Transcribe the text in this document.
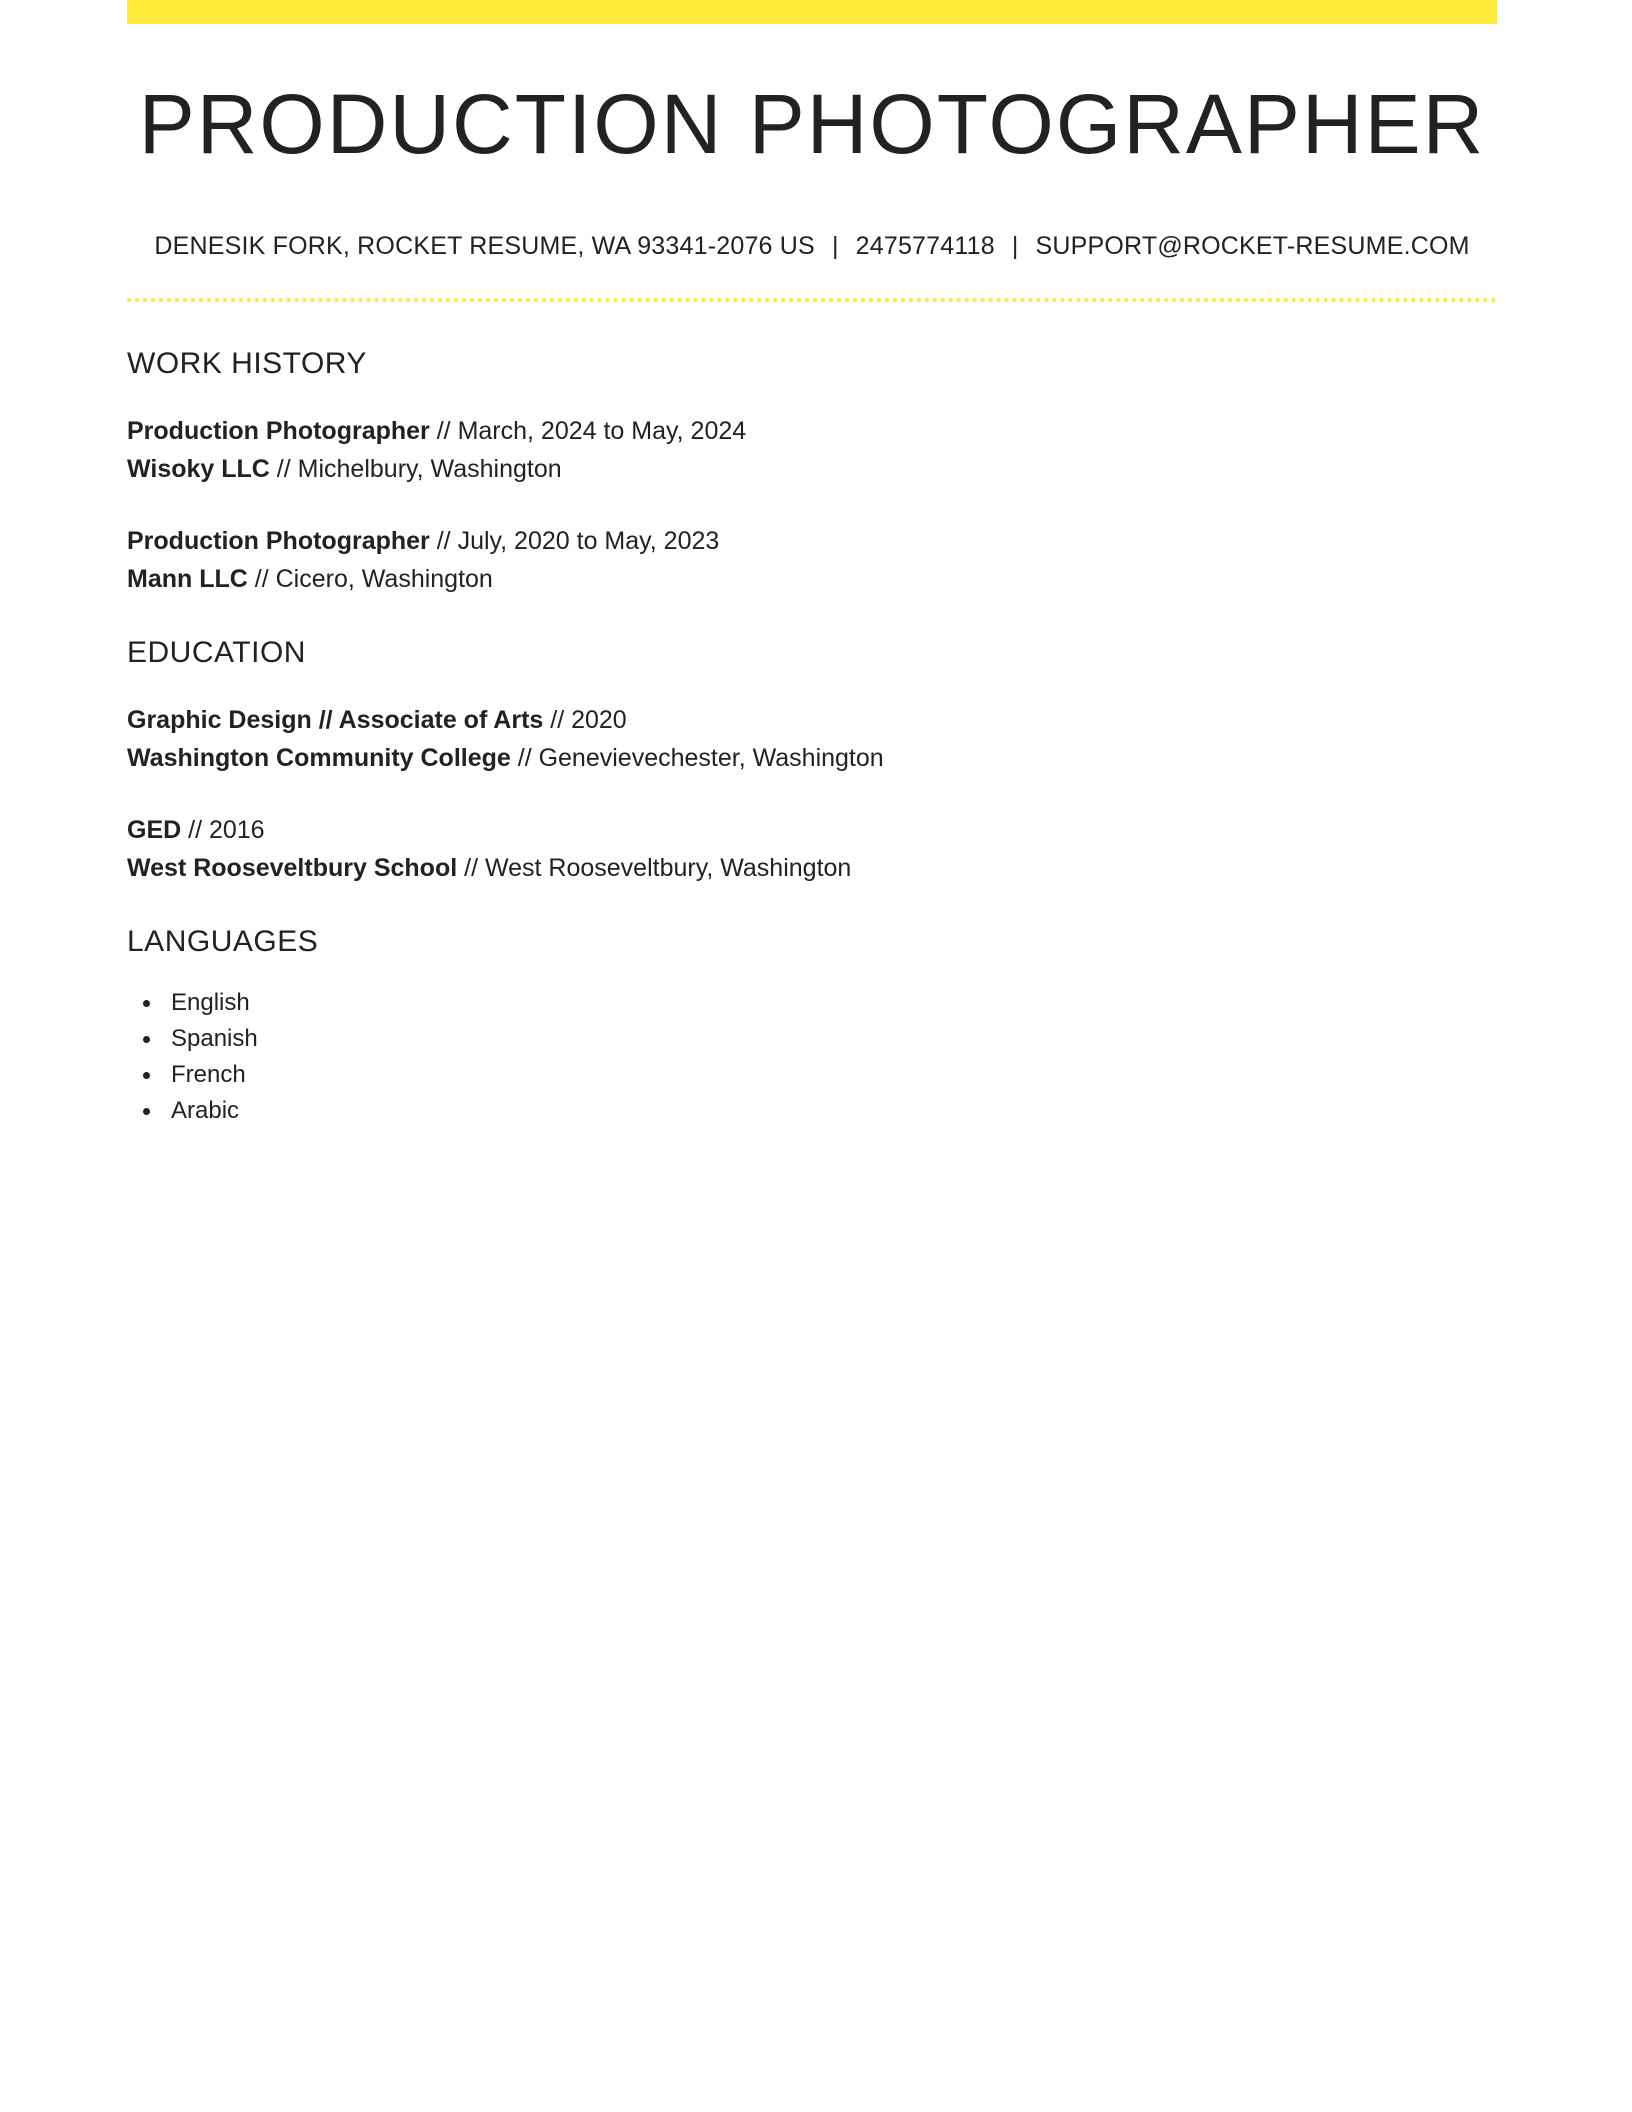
PRODUCTION PHOTOGRAPHER
DENESIK FORK, ROCKET RESUME, WA 93341-2076 US | 2475774118 | SUPPORT@ROCKET-RESUME.COM
WORK HISTORY
Production Photographer // March, 2024 to May, 2024
Wisoky LLC // Michelbury, Washington
Production Photographer // July, 2020 to May, 2023
Mann LLC // Cicero, Washington
EDUCATION
Graphic Design // Associate of Arts // 2020
Washington Community College // Genevievechester, Washington
GED // 2016
West Rooseveltbury School // West Rooseveltbury, Washington
LANGUAGES
English
Spanish
French
Arabic
